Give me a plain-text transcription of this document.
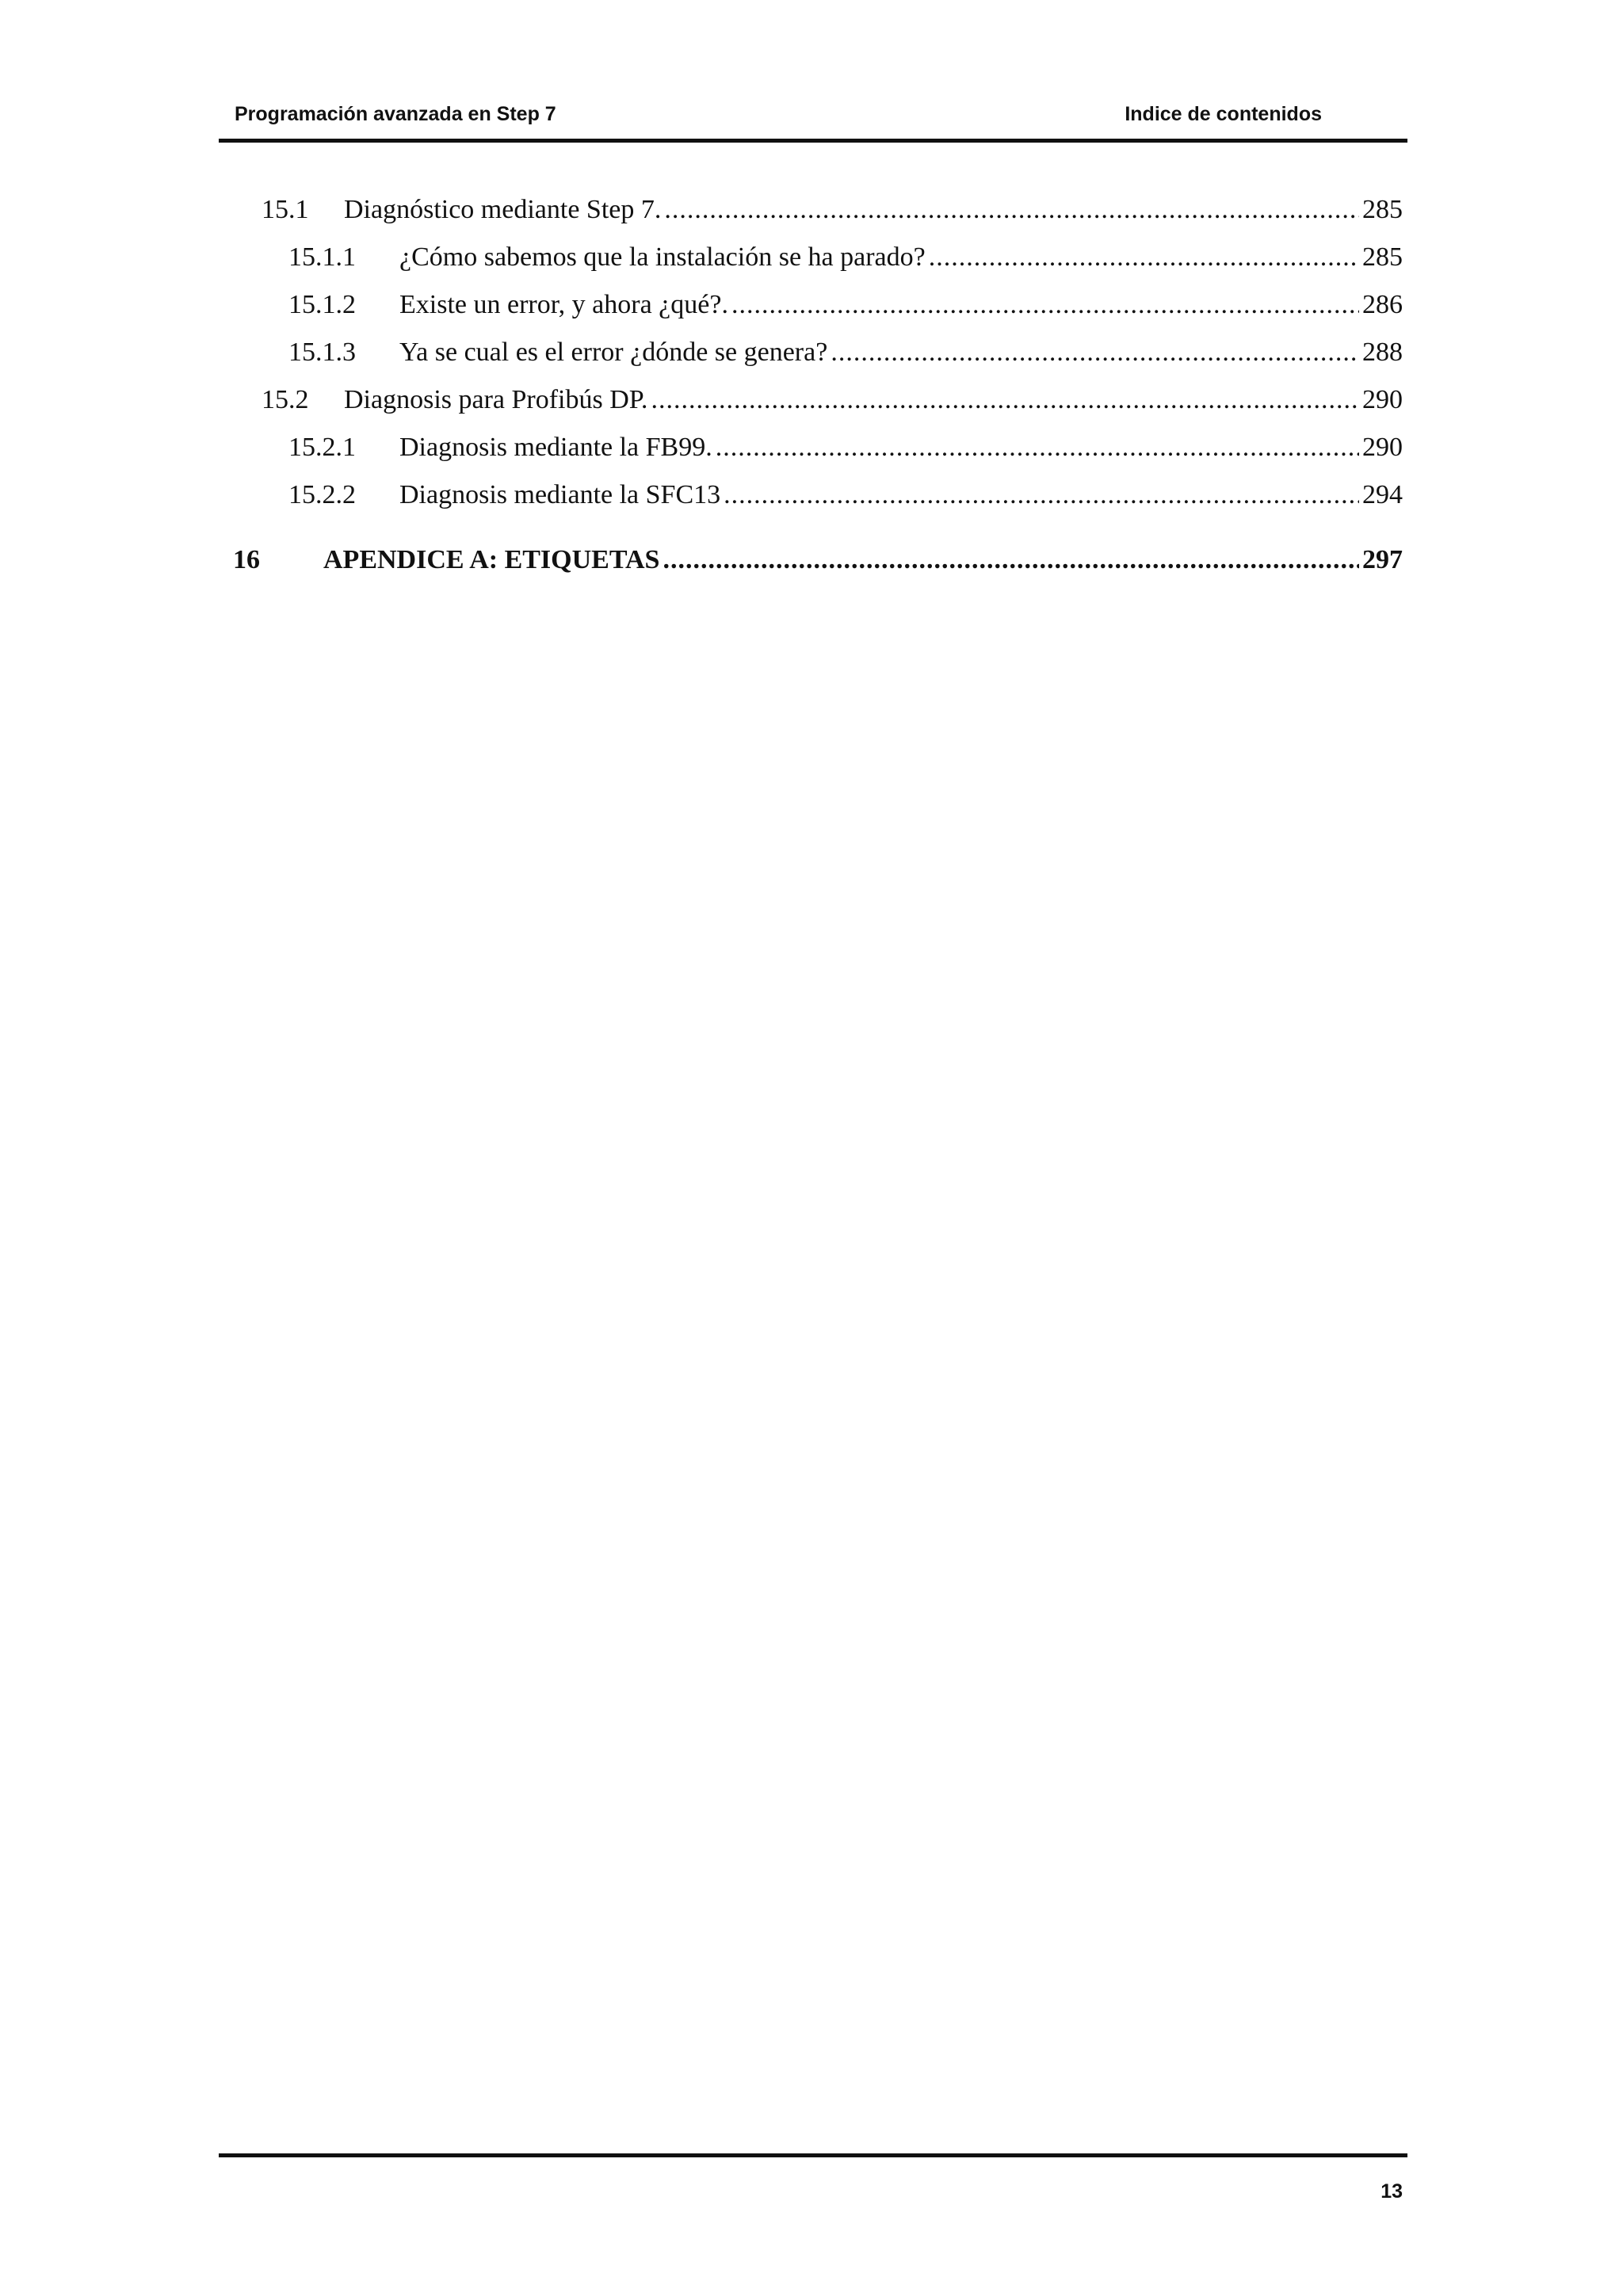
Programación avanzada en Step 7	Indice de contenidos
15.1	Diagnóstico mediante Step 7. .....	285
15.1.1	¿Cómo sabemos que la instalación se ha parado? .....	285
15.1.2	Existe un error, y ahora ¿qué?. .....	286
15.1.3	Ya se cual es el error ¿dónde se genera? .....	288
15.2	Diagnosis para Profibús DP. .....	290
15.2.1	Diagnosis mediante la FB99. .....	290
15.2.2	Diagnosis mediante la SFC13 .....	294
16	APENDICE A: ETIQUETAS .....	297
13
